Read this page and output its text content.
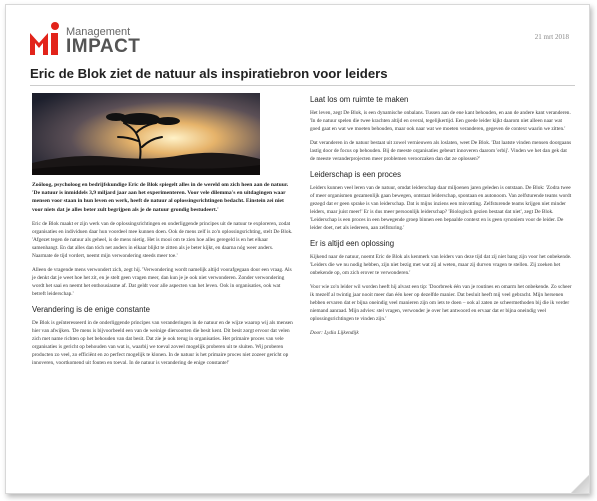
Management
IMPACT	21 mrt 2018
Eric de Blok ziet de natuur als inspiratiebron voor leiders

Zoöloog, psycholoog en bedrijfskundige Eric de Blok spiegelt alles in de wereld om zich heen aan de natuur. 'De natuur is inmiddels 3,9 miljard jaar aan het experimenteren. Voor vele dilemma's en uitdagingen waar mensen voor staan in hun leven en werk, heeft de natuur al oplossingsrichtingen bedacht. Einstein zei niet voor niets dat je alles beter zult begrijpen als je de natuur grondig bestudeert.'

Eric de Blok maakt er zijn werk van de oplossingsrichtingen en onderliggende principes uit de natuur te exploreren, zodat organisaties en individuen daar hun voordeel mee kunnen doen. Ook de mens zelf is zo'n oplossingsrichting, stelt De Blok. 'Afgezet tegen de natuur als geheel, is de mens nietig. Het is mooi om te zien hoe alles geregeld is en het elkaar samenhangt. En dat alles dan tóch net anders in elkaar blijkt te zitten als je beter kijkt, en daarna nóg weer anders. Naarmate de tijd vordert, neemt mijn verwondering steeds meer toe.'

Alleen de vragende mens verwondert zich, zegt hij. 'Verwondering wordt namelijk altijd voorafgegaan door een vraag. Als je denkt dat je weet hoe het zit, en je stelt geen vragen meer, dan kun je je ook niet verwonderen. Zonder verwondering wordt het saai en neemt het enthousiasme af. Dat geldt voor alle aspecten van het leven. Ook in organisaties, ook wat betreft leiderschap.'

Verandering is de enige constante

De Blok is geïnteresseerd in de onderliggende principes van veranderingen in de natuur en de wijze waarop wij als mensen hier van afwijken. 'De mens is bijvoorbeeld een van de weinige diersoorten die besit kent. Dit besit zorgt ervoor dat velen zich met name richten op het behouden van dat besit. Dat zie je ook terug in organisaties. Het primaire proces van vele organisaties is gericht op behouden van wat is, waarbij we toeval zoveel mogelijk proberen uit te sluiten. Wij proberen producten zo veel, zo efficiënt en zo perfect mogelijk te klonen. In de natuur is het primaire proces niet zozeer gericht op innoveren, voortkomend uit fouten en toeval. In de natuur is verandering de enige constante!'

Laat los om ruimte te maken

Het leven, zegt De Blok, is een dynamische onbalans. Tussen aan de ene kant behouden, en aan de andere kant veranderen. 'In de natuur spelen die twee krachten altijd en overal, tegelijkertijd. Een goede leider kijkt daarom niet alleen naar wat goed gaat en wat we moeten behouden, maar ook naar wat we moeten veranderen, gegeven de context waarin we zitten.'

Dat veranderen in de natuur bestaat uit zowel vernieuwen als loslaten, weet De Blok. 'Dat laatste vinden mensen doorgaans lastig door de focus op behouden. Bij de meeste organisaties gebeurt innoveren daarom 'erbij'. Vinden we het dan gek dat de meeste veranderprojecten meer problemen veroorzaken dan dat ze oplossen?'

Leiderschap is een proces

Leiders kunnen veel leren van de natuur, omdat leiderschap daar miljoenen jaren geleden is ontstaan. De Blok: 'Zodra twee of meer organismen gezamenlijk gaan bewegen, ontstaat leiderschap, spontaan en autonoom. Van zelfsturende teams wordt gezegd dat er geen sprake is van leiderschap. Dat is mijns inziens een misvatting. Zelfsturende teams krijgen niet minder leiders, maar juist meer!' Er is dus meer persoonlijk leiderschap? 'Biologisch gezien bestaat dat niet', zegt De Blok. 'Leiderschap is een proces in een bewegende groep binnen een bepaalde context en is geen synoniem voor de leider. De leider doet, net als iedereen, aan zelfsturing.'

Er is altijd een oplossing

Kijkend naar de natuur, noemt Eric de Blok als kenmerk van leiders van deze tijd dat zij niet bang zijn voor het onbekende. 'Leiders die we nu nodig hebben, zijn niet bezig met wat zij al weten, maar zij durven vragen te stellen. Zij zoeken het onbekende op, om zich erover te verwonderen.'

Voor wie zo'n leider wil worden heeft hij alvast een tip: 'Doorbreek één van je routines en omarm het onbekende. Zo scheer ik mezelf al twintig jaar nooit meer dan één keer op dezelfde manier. Dat besluit heeft mij veel gebracht. Mijn hersenen hebben ervaren dat er bijna oneindig veel manieren zijn om iets te doen – ook al zaten ze scheermethoden bij die ik verder niemand aanraad. Mijn advies: stel vragen, verwonder je over het antwoord en ervaar dat er bijna oneindig veel oplossingsrichtingen te vinden zijn.'

Door: Lydia Lijkendijk
